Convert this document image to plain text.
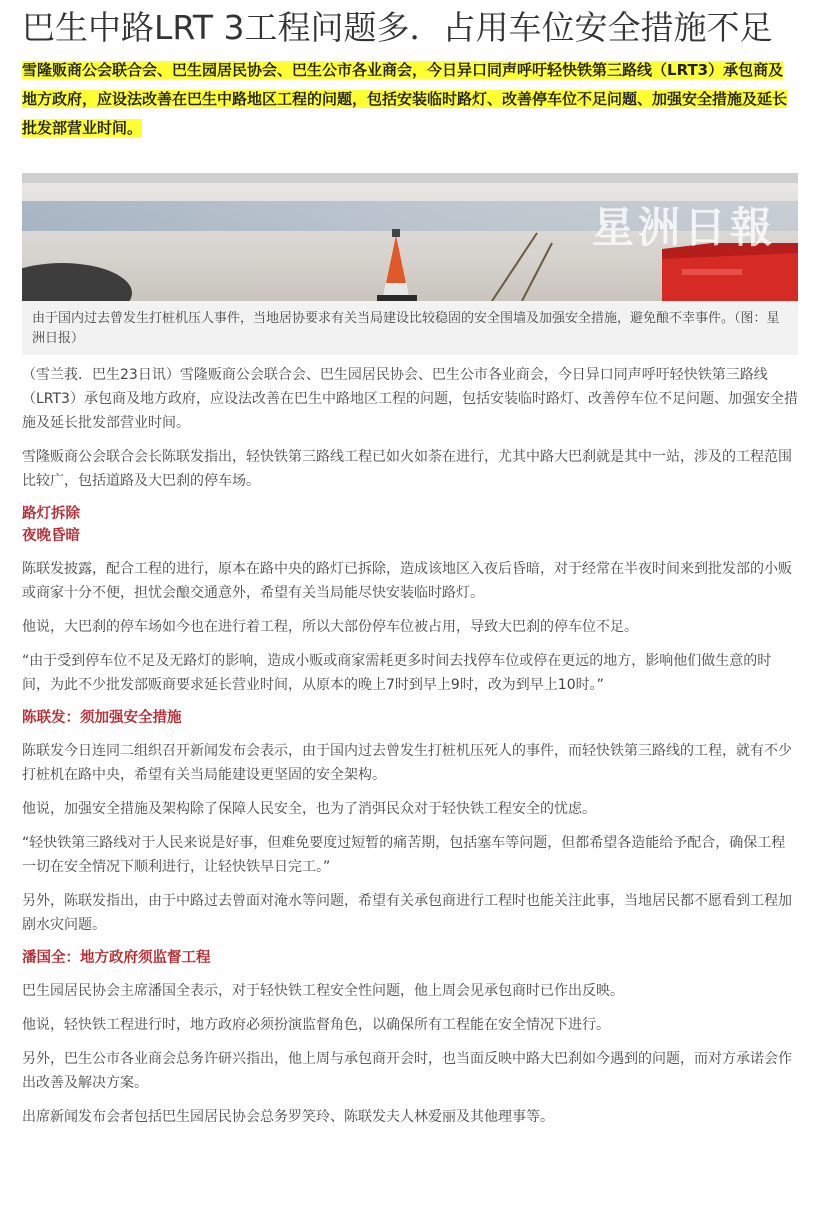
巴生中路LRT 3工程问题多．占用车位安全措施不足

雪隆贩商公会联合会、巴生园居民协会、巴生公市各业商会，今日异口同声呼吁轻快铁第三路线（LRT3）承包商及地方政府，应设法改善在巴生中路地区工程的问题，包括安装临时路灯、改善停车位不足问题、加强安全措施及延长批发部营业时间。

星洲日報
由于国内过去曾发生打桩机压人事件，当地居协要求有关当局建设比较稳固的安全围墙及加强安全措施，避免酿不幸事件。（图：星洲日报）

（雪兰莪．巴生23日讯）雪隆贩商公会联合会、巴生园居民协会、巴生公市各业商会，今日异口同声呼吁轻快铁第三路线（LRT3）承包商及地方政府，应设法改善在巴生中路地区工程的问题，包括安装临时路灯、改善停车位不足问题、加强安全措施及延长批发部营业时间。

雪隆贩商公会联合会长陈联发指出，轻快铁第三路线工程已如火如荼在进行，尤其中路大巴刹就是其中一站，涉及的工程范围比较广，包括道路及大巴刹的停车场。

路灯拆除
夜晚昏暗

陈联发披露，配合工程的进行，原本在路中央的路灯已拆除，造成该地区入夜后昏暗，对于经常在半夜时间来到批发部的小贩或商家十分不便，担忧会酿交通意外，希望有关当局能尽快安装临时路灯。

他说，大巴刹的停车场如今也在进行着工程，所以大部份停车位被占用，导致大巴刹的停车位不足。

“由于受到停车位不足及无路灯的影响，造成小贩或商家需耗更多时间去找停车位或停在更远的地方，影响他们做生意的时间，为此不少批发部贩商要求延长营业时间，从原本的晚上7时到早上9时，改为到早上10时。”

陈联发：须加强安全措施

陈联发今日连同二组织召开新闻发布会表示，由于国内过去曾发生打桩机压死人的事件，而轻快铁第三路线的工程，就有不少打桩机在路中央，希望有关当局能建设更坚固的安全架构。

他说，加强安全措施及架构除了保障人民安全，也为了消弭民众对于轻快铁工程安全的忧虑。

“轻快铁第三路线对于人民来说是好事，但难免要度过短暂的痛苦期，包括塞车等问题，但都希望各造能给予配合，确保工程一切在安全情况下顺利进行，让轻快铁早日完工。”

另外，陈联发指出，由于中路过去曾面对淹水等问题，希望有关承包商进行工程时也能关注此事，当地居民都不愿看到工程加剧水灾问题。

潘国全：地方政府须监督工程

巴生园居民协会主席潘国全表示，对于轻快铁工程安全性问题，他上周会见承包商时已作出反映。

他说，轻快铁工程进行时，地方政府必须扮演监督角色，以确保所有工程能在安全情况下进行。

另外，巴生公市各业商会总务许研兴指出，他上周与承包商开会时，也当面反映中路大巴刹如今遇到的问题，而对方承诺会作出改善及解决方案。

出席新闻发布会者包括巴生园居民协会总务罗笑玲、陈联发夫人林爱丽及其他理事等。
